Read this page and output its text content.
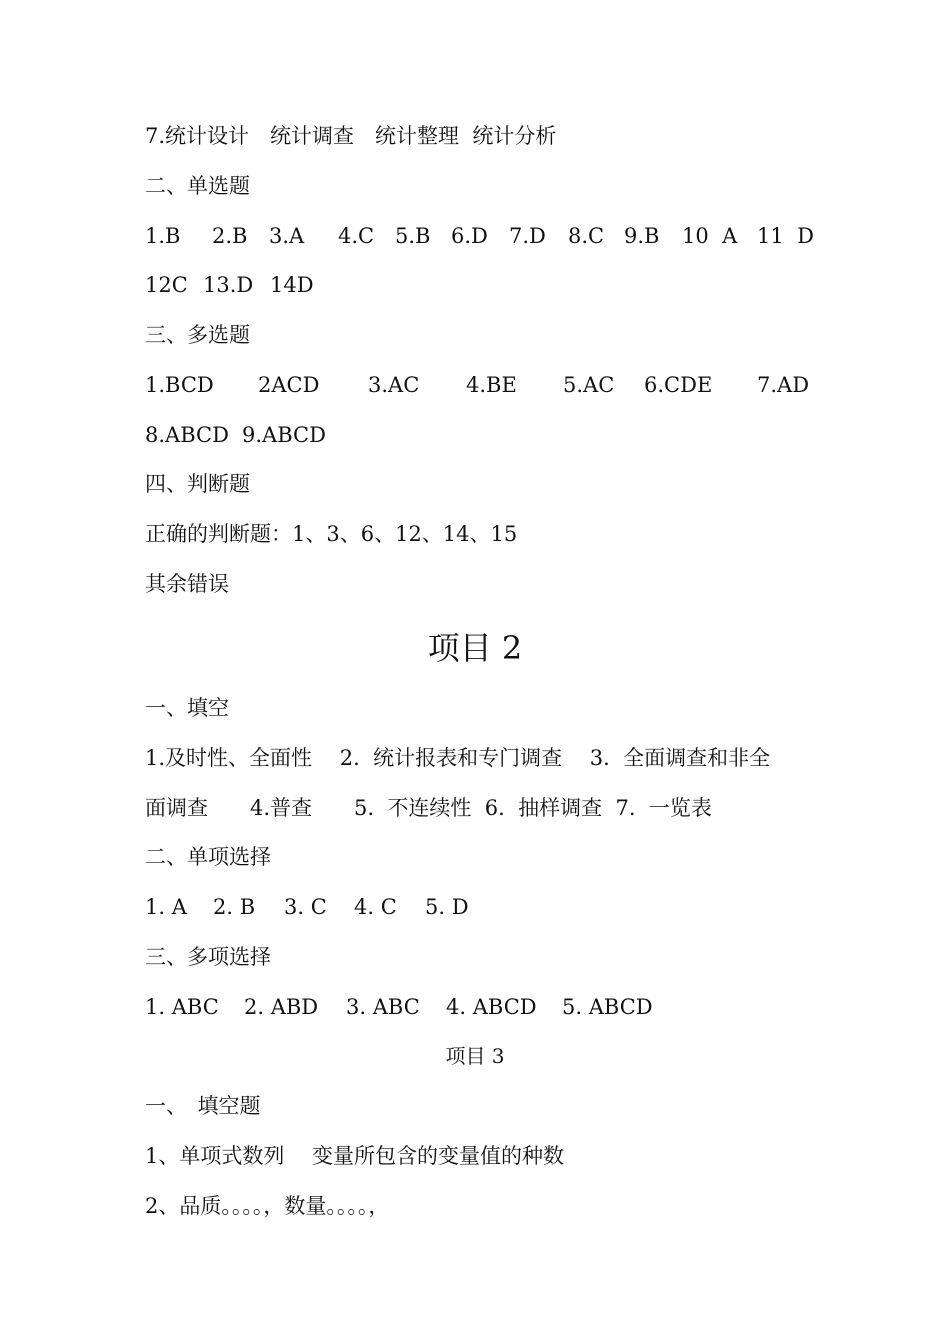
7.统计设计　统计调查　统计整理  统计分析
二、单选题
1.B 2.B 3.A 4.C 5.B 6.D 7.D 8.C 9.B 10  A 11  D
12C 13.D 14D
三、多选题
1.BCD 2ACD 3.AC 4.BE 5.AC 6.CDE 7.AD
8.ABCD 9.ABCD
四、判断题
正确的判断题：1、3、6、12、14、15
其余错误
项目 2
一、填空
1.及时性、全面性　 2.  统计报表和专门调查　 3.  全面调查和非全
面调查　　4.普查　　5.  不连续性  6.  抽样调查  7.  一览表
二、单项选择
1. A 2. B 3. C 4. C 5. D
三、多项选择
1. ABC 2. ABD 3. ABC 4. ABCD 5. ABCD
项目 3
一、　填空题
1、单项式数列　 变量所包含的变量值的种数
2、品质。。。。，数量。。。。，
